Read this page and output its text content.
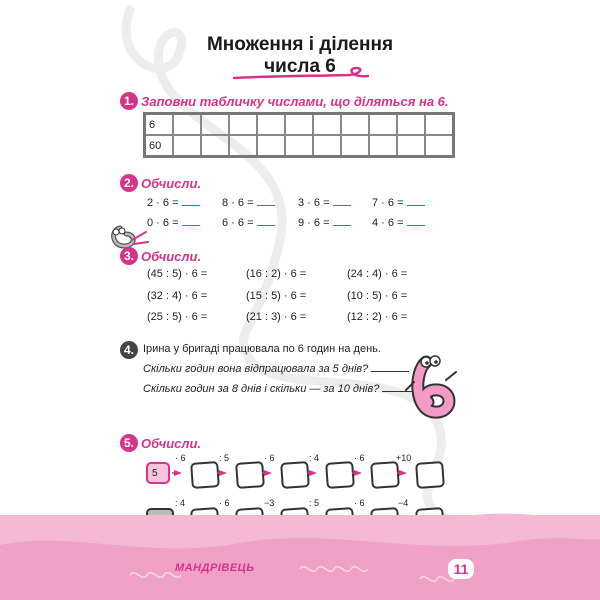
Множення і ділення
числа 6
1. Заповни табличку числами, що діляться на 6.
6										
60										
2. Обчисли.
2 · 6 =	8 · 6 =	3 · 6 =	7 · 6 =
0 · 6 =	6 · 6 =	9 · 6 =	4 · 6 =
3. Обчисли.
(45 : 5) · 6 =	(16 : 2) · 6 =	(24 : 4) · 6 =
(32 : 4) · 6 =	(15 : 5) · 6 =	(10 : 5) · 6 =
(25 : 5) · 6 =	(21 : 3) · 6 =	(12 : 2) · 6 =
4. Ірина у бригаді працювала по 6 годин на день.
Скільки годин вона відпрацювала за 5 днів?
Скільки годин за 8 днів і скільки — за 10 днів?
5. Обчисли.
5
· 6	: 5	· 6	: 4	· 6	+10
: 4	· 6	−3	: 5	· 6	−4
МАНДРІВЕЦЬ	11
